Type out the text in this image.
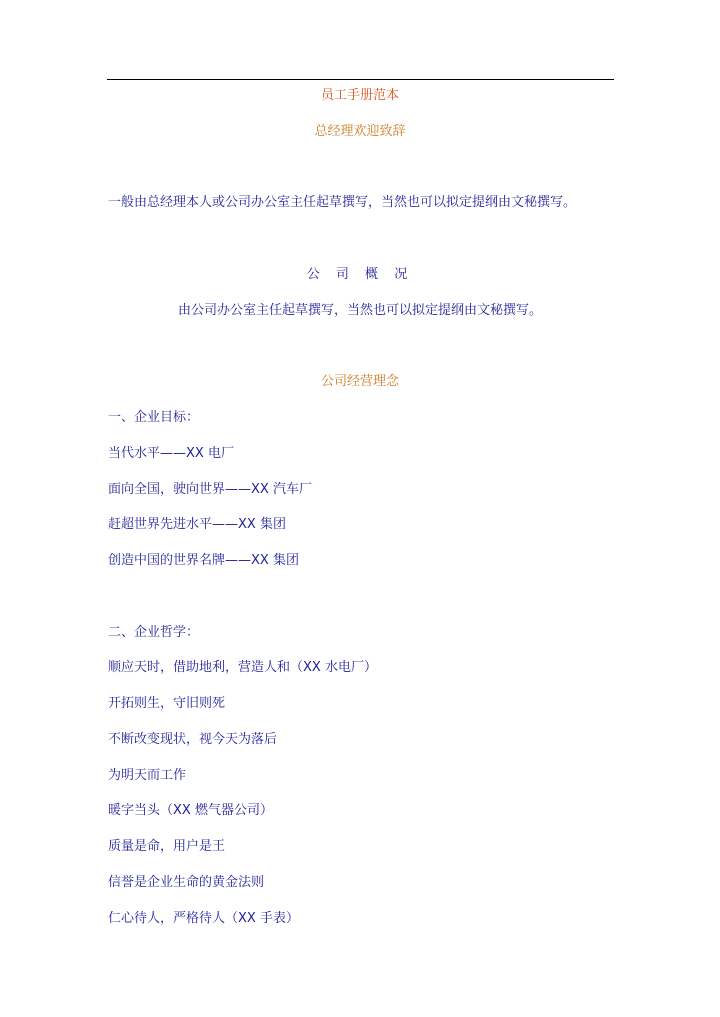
员工手册范本
总经理欢迎致辞
一般由总经理本人或公司办公室主任起草撰写，当然也可以拟定提纲由文秘撰写。
公 司 概 况
由公司办公室主任起草撰写，当然也可以拟定提纲由文秘撰写。
公司经营理念
一、企业目标：
当代水平——XX 电厂
面向全国，驶向世界——XX 汽车厂
赶超世界先进水平——XX 集团
创造中国的世界名牌——XX 集团
二、企业哲学：
顺应天时，借助地利，营造人和（XX 水电厂）
开拓则生，守旧则死
不断改变现状，视今天为落后
为明天而工作
暖字当头（XX 燃气器公司）
质量是命，用户是王
信誉是企业生命的黄金法则
仁心待人，严格待人（XX 手表）
